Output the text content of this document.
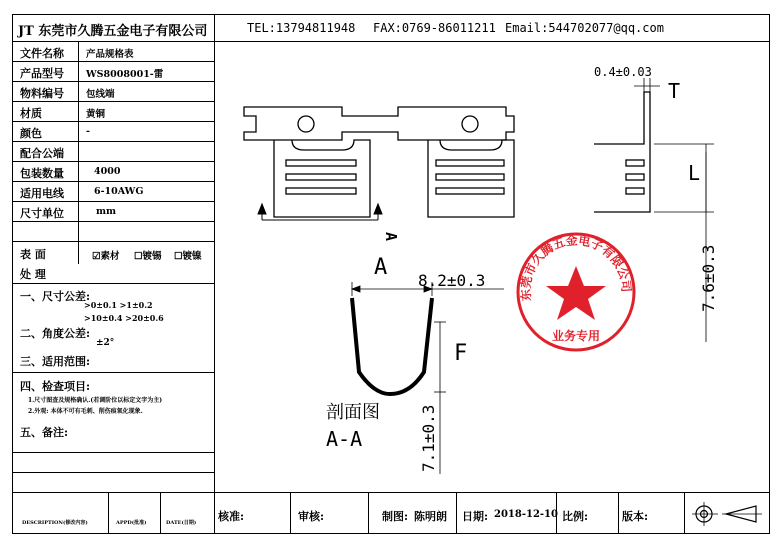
JT 东莞市久腾五金电子有限公司	TEL:13794811948 FAX:0769-86011211 Email:544702077@qq.com
文件名称 产品规格表
产品型号 WS8008001-雷
物料编号 包线端
材质	黄铜
颜色	-
配合公端
包装数量	4000
适用电线	6-10AWG
尺寸单位	mm
表 面
处 理
☑素材 ☐镀锡 ☐镀镍
一、尺寸公差:
>0±0.1 >1±0.2
>10±0.4 >20±0.6
二、角度公差:
±2°
三、适用范围:
四、检查项目:
1.尺寸图查及规格确认.(若调阶位以标定文字为主)
2.外观: 本体不可有毛刺、削伤痕氧化现象.
五、备注:
DESCRIPTION(修改内容)	APPD(批准)	DATE(日期) 核准:	审核:	制图: 陈明朗 日期: 2018-12-10 比例:	版本:
A
0.4±0.03
T
L
7.6±0.3
A
8.2±0.3
F
7.1±0.3
剖面图
A-A
东莞市久腾五金电子有限公司
业务专用
